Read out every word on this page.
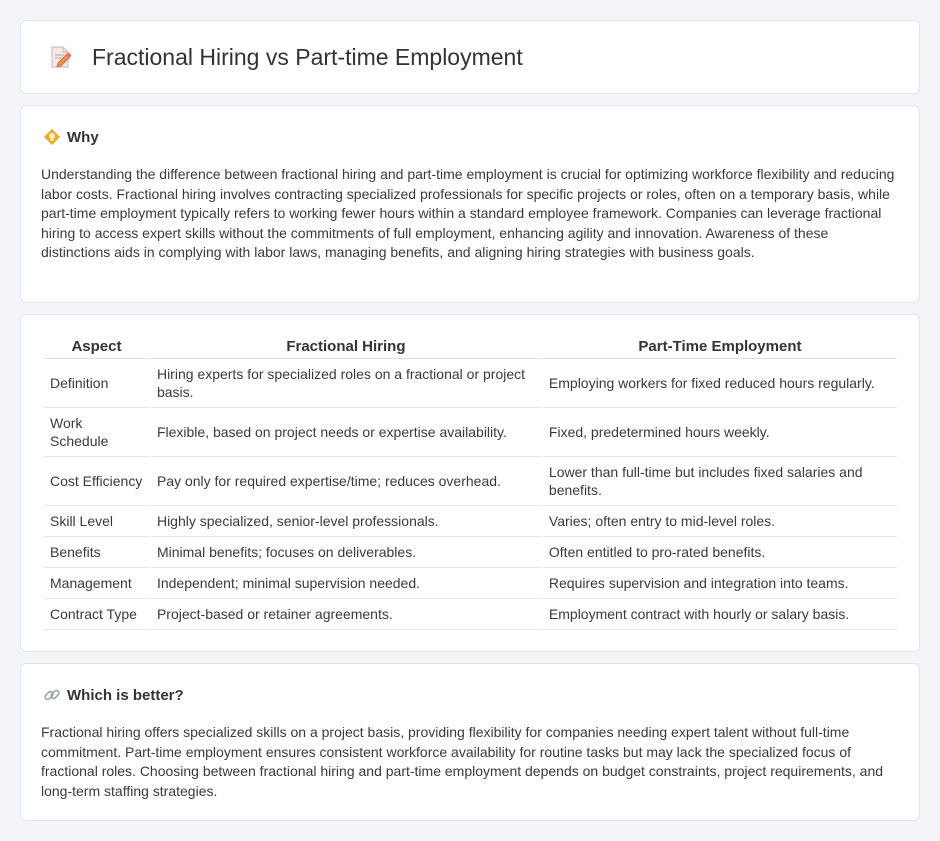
Fractional Hiring vs Part-time Employment
Why

Understanding the difference between fractional hiring and part-time employment is crucial for optimizing workforce flexibility and reducing labor costs. Fractional hiring involves contracting specialized professionals for specific projects or roles, often on a temporary basis, while part-time employment typically refers to working fewer hours within a standard employee framework. Companies can leverage fractional hiring to access expert skills without the commitments of full employment, enhancing agility and innovation. Awareness of these distinctions aids in complying with labor laws, managing benefits, and aligning hiring strategies with business goals.

Aspect	Fractional Hiring	Part-Time Employment
Definition	Hiring experts for specialized roles on a fractional or project basis.	Employing workers for fixed reduced hours regularly.
Work Schedule	Flexible, based on project needs or expertise availability.	Fixed, predetermined hours weekly.
Cost Efficiency	Pay only for required expertise/time; reduces overhead.	Lower than full-time but includes fixed salaries and benefits.
Skill Level	Highly specialized, senior-level professionals.	Varies; often entry to mid-level roles.
Benefits	Minimal benefits; focuses on deliverables.	Often entitled to pro-rated benefits.
Management	Independent; minimal supervision needed.	Requires supervision and integration into teams.
Contract Type	Project-based or retainer agreements.	Employment contract with hourly or salary basis.
Which is better?

Fractional hiring offers specialized skills on a project basis, providing flexibility for companies needing expert talent without full-time commitment. Part-time employment ensures consistent workforce availability for routine tasks but may lack the specialized focus of fractional roles. Choosing between fractional hiring and part-time employment depends on budget constraints, project requirements, and long-term staffing strategies.
